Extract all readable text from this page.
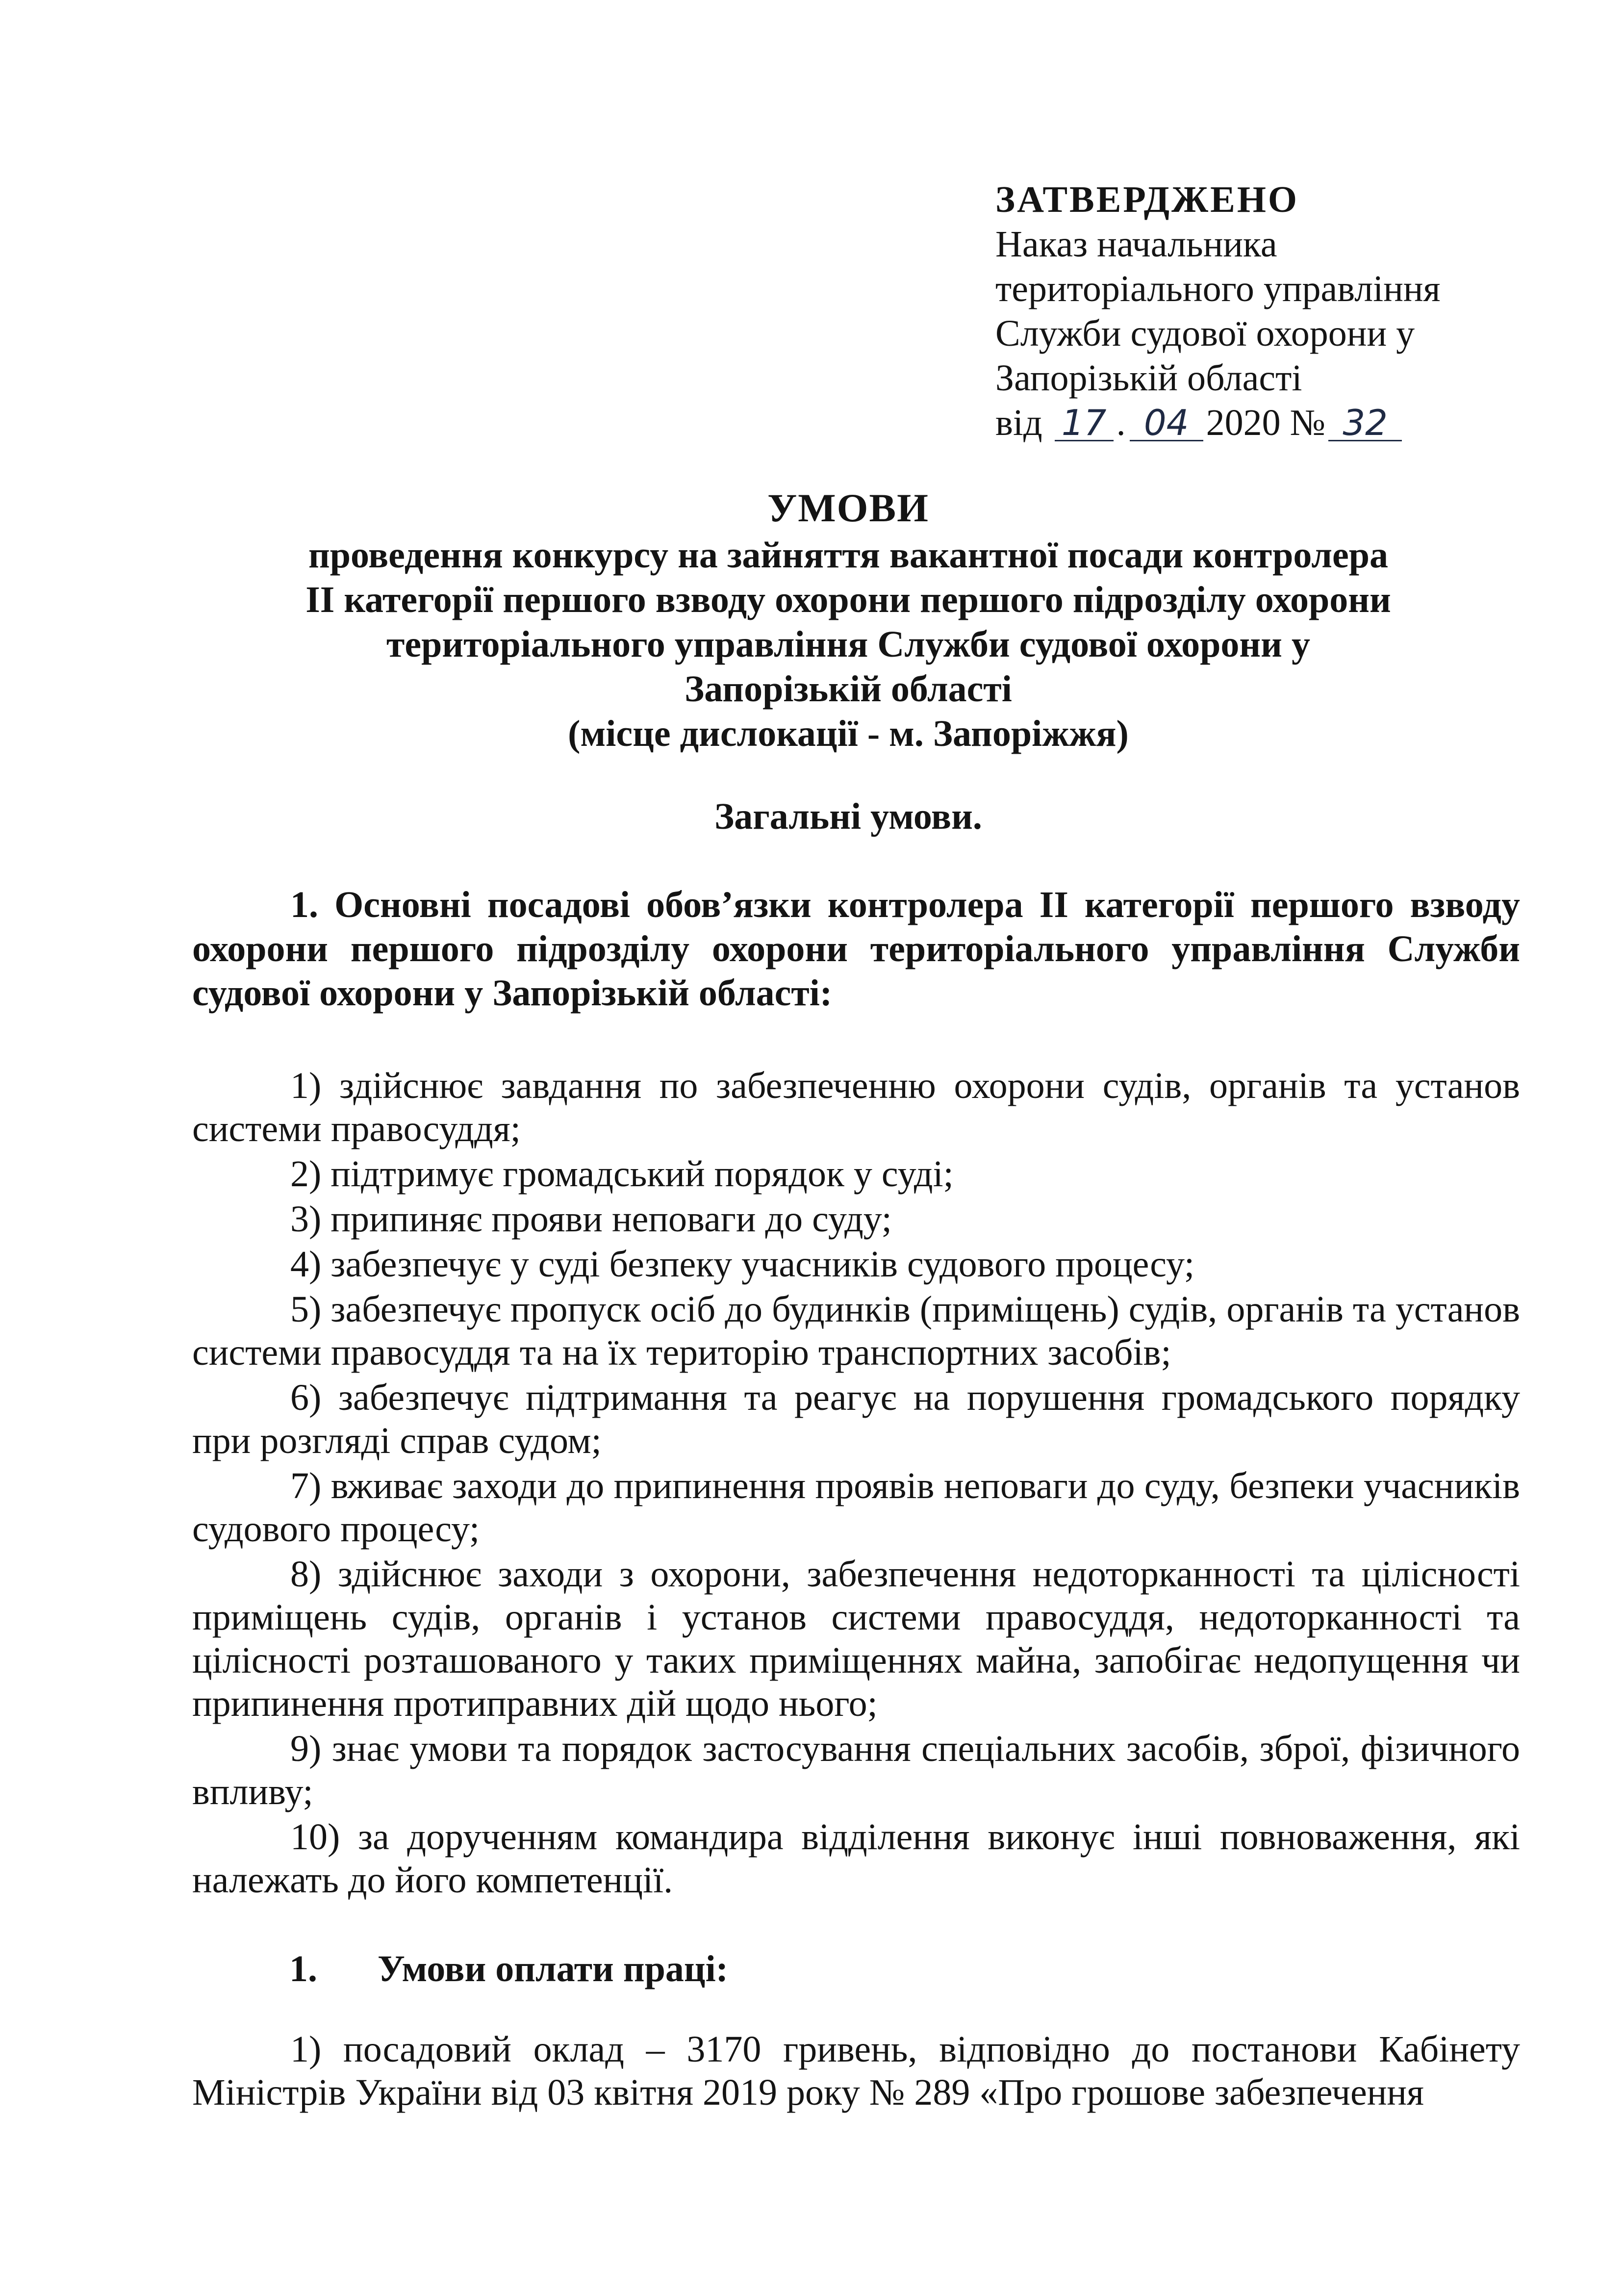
ЗАТВЕРДЖЕНО
Наказ начальника
територіального управління
Служби судової охорони у
Запорізькій області
від 17 . 04 2020 № 32
УМОВИ
проведення конкурсу на зайняття вакантної посади контролера
ІІ категорії першого взводу охорони першого підрозділу охорони
територіального управління Служби судової охорони у
Запорізькій області
(місце дислокації - м. Запоріжжя)
Загальні умови.
1. Основні посадові обов’язки контролера ІІ категорії першого взводу охорони першого підрозділу охорони територіального управління Служби судової охорони у Запорізькій області:

1) здійснює завдання по забезпеченню охорони судів, органів та установ системи правосуддя;

2) підтримує громадський порядок у суді;

3) припиняє прояви неповаги до суду;

4) забезпечує у суді безпеку учасників судового процесу;

5) забезпечує пропуск осіб до будинків (приміщень) судів, органів та установ системи правосуддя та на їх територію транспортних засобів;

6) забезпечує підтримання та реагує на порушення громадського порядку при розгляді справ судом;

7) вживає заходи до припинення проявів неповаги до суду, безпеки учасників судового процесу;

8) здійснює заходи з охорони, забезпечення недоторканності та цілісності приміщень судів, органів і установ системи правосуддя, недоторканності та цілісності розташованого у таких приміщеннях майна, запобігає недопущення чи припинення протиправних дій щодо нього;

9) знає умови та порядок застосування спеціальних засобів, зброї, фізичного впливу;

10) за дорученням командира відділення виконує інші повноваження, які належать до його компетенції.

1. Умови оплати праці:

1) посадовий оклад – 3170 гривень, відповідно до постанови Кабінету Міністрів України від 03 квітня 2019 року № 289 «Про грошове забезпечення
